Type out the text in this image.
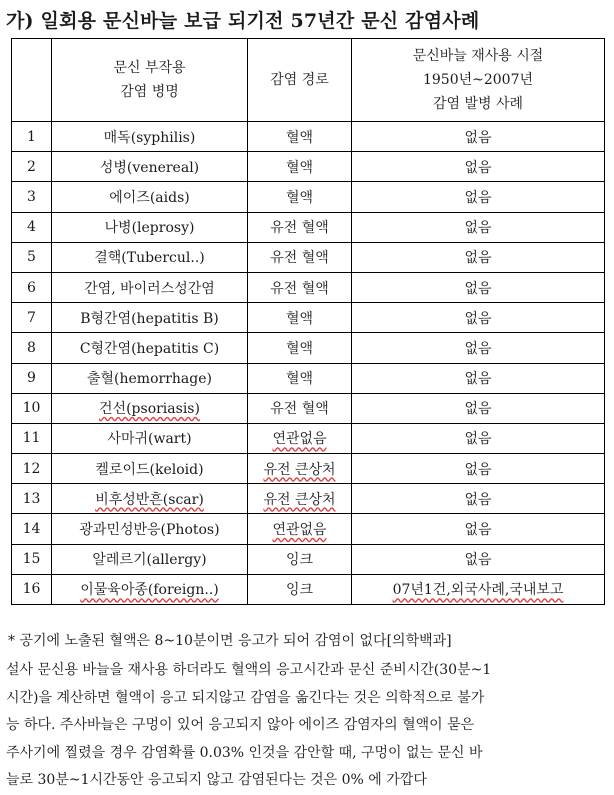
가) 일회용 문신바늘 보급 되기전 57년간 문신 감염사례

	문신 부작용
감염 병명	감염 경로	문신바늘 재사용 시절
1950년~2007년
감염 발병 사례

1	매독(syphilis)	혈액	없음
2	성병(venereal)	혈액	없음
3	에이즈(aids)	혈액	없음
4	나병(leprosy)	유전 혈액	없음
5	결핵(Tubercul..)	유전 혈액	없음
6	간염, 바이러스성간염	유전 혈액	없음
7	B형간염(hepatitis B)	혈액	없음
8	C형간염(hepatitis C)	혈액	없음
9	출혈(hemorrhage)	혈액	없음
10	건선(psoriasis)	유전 혈액	없음
11	사마귀(wart)	연관없음	없음
12	켈로이드(keloid)	유전 큰상처	없음
13	비후성반흔(scar)	유전 큰상처	없음
14	광과민성반응(Photos)	연관없음	없음
15	알레르기(allergy)	잉크	없음
16	이물육아종(foreign..)	잉크	07년1건,외국사례,국내보고
* 공기에 노출된 혈액은 8~10분이면 응고가 되어 감염이 없다[의학백과]
설사 문신용 바늘을 재사용 하더라도 혈액의 응고시간과 문신 준비시간(30분~1
시간)을 계산하면 혈액이 응고 되지않고 감염을 옮긴다는 것은 의학적으로 불가
능 하다. 주사바늘은 구멍이 있어 응고되지 않아 에이즈 감염자의 혈액이 묻은
주사기에 찔렸을 경우 감염확률 0.03% 인것을 감안할 때, 구멍이 없는 문신 바
늘로 30분~1시간동안 응고되지 않고 감염된다는 것은 0% 에 가깝다
